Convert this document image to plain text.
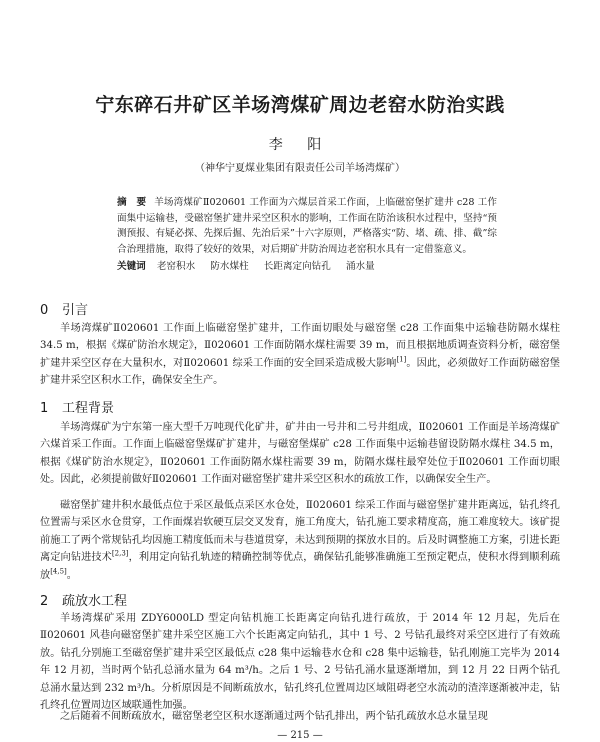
宁东碎石井矿区羊场湾煤矿周边老窑水防治实践
李 阳
（神华宁夏煤业集团有限责任公司羊场湾煤矿）
摘　要 羊场湾煤矿Ⅱ020601 工作面为六煤层首采工作面，上临磁窑堡扩建井 c28 工作面集中运输巷，受磁窑堡扩建井采空区积水的影响，工作面在防治该积水过程中，坚持“预测预报、有疑必探、先探后掘、先治后采”十六字原则，严格落实“防、堵、疏、排、截”综合治理措施，取得了较好的效果，对后期矿井防治周边老窑积水具有一定借鉴意义。
关键词 老窑积水 防水煤柱 长距离定向钻孔 涌水量
0 引言
羊场湾煤矿Ⅱ020601 工作面上临磁窑堡扩建井，工作面切眼处与磁窑堡 c28 工作面集中运输巷防隔水煤柱 34.5 m，根据《煤矿防治水规定》，Ⅱ020601 工作面防隔水煤柱需要 39 m，而且根据地质调查资料分析，磁窑堡扩建井采空区存在大量积水，对Ⅱ020601 综采工作面的安全回采造成极大影响[1]。因此，必须做好工作面防磁窑堡扩建井采空区积水工作，确保安全生产。
1 工程背景
羊场湾煤矿为宁东第一座大型千万吨现代化矿井，矿井由一号井和二号井组成，Ⅱ020601 工作面是羊场湾煤矿六煤首采工作面。工作面上临磁窑堡煤矿扩建井，与磁窑堡煤矿 c28 工作面集中运输巷留设防隔水煤柱 34.5 m，根据《煤矿防治水规定》，Ⅱ020601 工作面防隔水煤柱需要 39 m，防隔水煤柱最窄处位于Ⅱ020601 工作面切眼处。因此，必须提前做好Ⅱ020601 工作面对磁窑堡扩建井采空区积水的疏放工作，以确保安全生产。
磁窑堡扩建井积水最低点位于采区最低点采区水仓处，Ⅱ020601 综采工作面与磁窑堡扩建井距离远，钻孔终孔位置需与采区水仓贯穿，工作面煤岩软硬互层交叉发育，施工角度大，钻孔施工要求精度高，施工难度较大。该矿提前施工了两个常规钻孔均因施工精度低而未与巷道贯穿，未达到预期的探放水目的。后及时调整施工方案，引进长距离定向钻进技术[2,3]，利用定向钻孔轨迹的精确控制等优点，确保钻孔能够准确施工至预定靶点，使积水得到顺利疏放[4,5]。
2 疏放水工程
羊场湾煤矿采用 ZDY6000LD 型定向钻机施工长距离定向钻孔进行疏放，于 2014 年 12 月起，先后在Ⅱ020601 风巷向磁窑堡扩建井采空区施工六个长距离定向钻孔，其中 1 号、2 号钻孔最终对采空区进行了有效疏放。钻孔分别施工至磁窑堡扩建井采空区最低点 c28 集中运输巷水仓和 c28 集中运输巷，钻孔刚施工完毕为 2014 年 12 月初，当时两个钻孔总涌水量为 64 m³/h。之后 1 号、2 号钻孔涌水量逐渐增加，到 12 月 22 日两个钻孔总涌水量达到 232 m³/h。分析原因是不间断疏放水，钻孔终孔位置周边区域阻碍老空水流动的渣滓逐渐被冲走，钻孔终孔位置周边区域联通性加强。
之后随着不间断疏放水，磁窑堡老空区积水逐渐通过两个钻孔排出，两个钻孔疏放水总水量呈现
— 215 —
